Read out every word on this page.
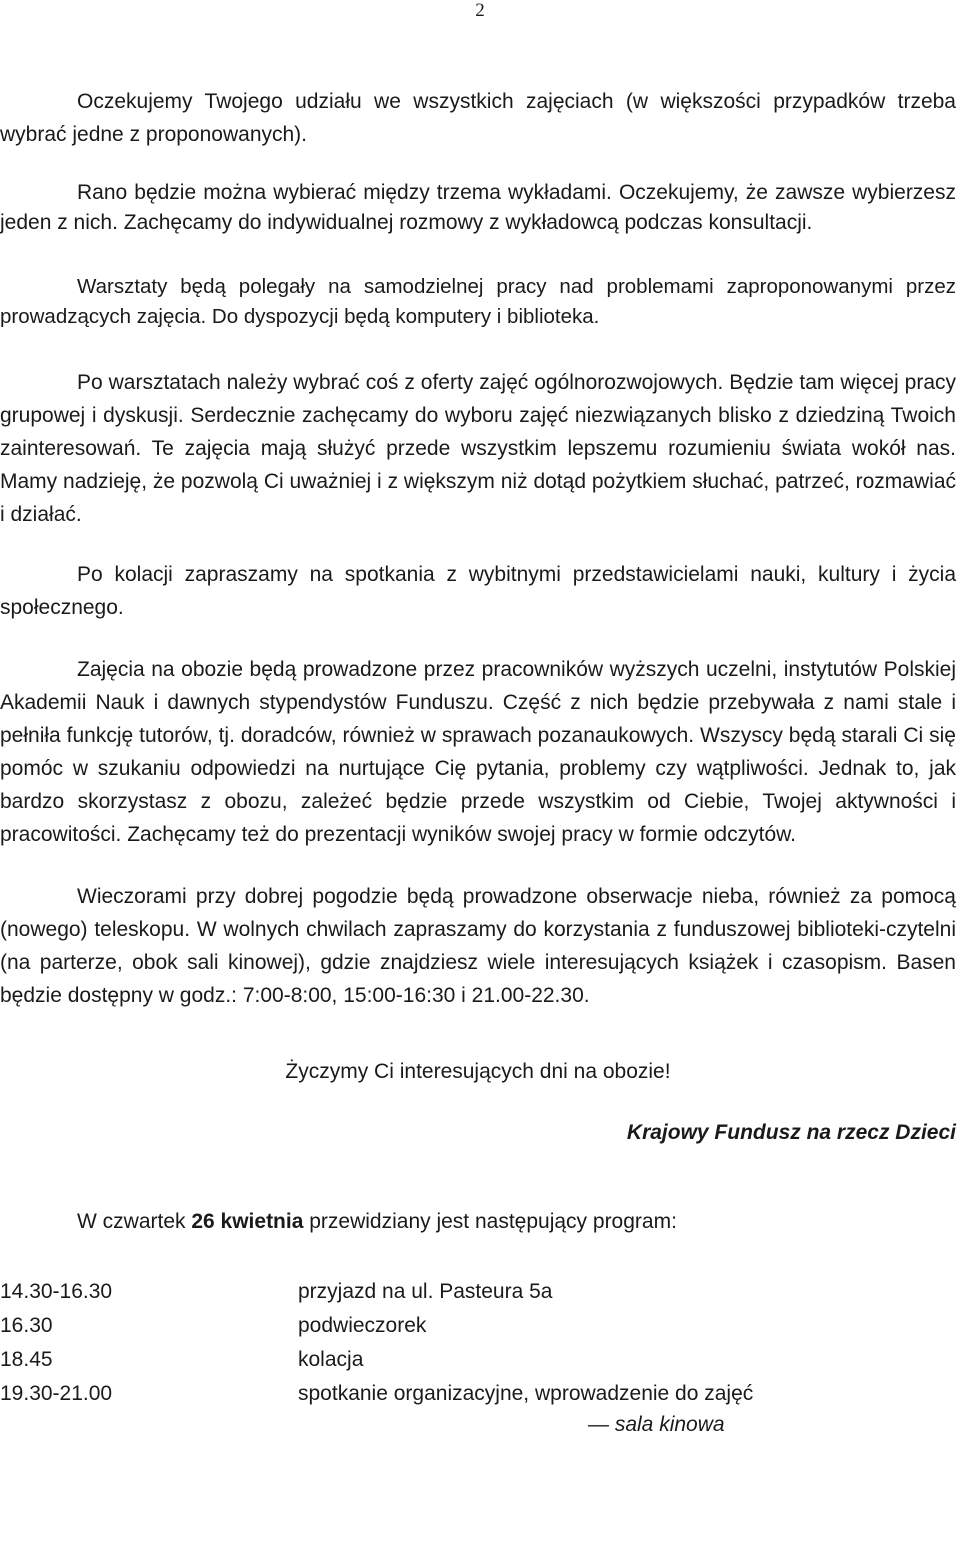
2

Oczekujemy Twojego udziału we wszystkich zajęciach (w większości przypadków trzeba wybrać jedne z proponowanych).

Rano będzie można wybierać między trzema wykładami. Oczekujemy, że zawsze wybierzesz jeden z nich. Zachęcamy do indywidualnej rozmowy z wykładowcą podczas konsultacji.

Warsztaty będą polegały na samodzielnej pracy nad problemami zaproponowanymi przez prowadzących zajęcia. Do dyspozycji będą komputery i biblioteka.

Po warsztatach należy wybrać coś z oferty zajęć ogólnorozwojowych. Będzie tam więcej pracy grupowej i dyskusji. Serdecznie zachęcamy do wyboru zajęć niezwiązanych blisko z dziedziną Twoich zainteresowań. Te zajęcia mają służyć przede wszystkim lepszemu rozumieniu świata wokół nas. Mamy nadzieję, że pozwolą Ci uważniej i z większym niż dotąd pożytkiem słuchać, patrzeć, rozmawiać i działać.

Po kolacji zapraszamy na spotkania z wybitnymi przedstawicielami nauki, kultury i życia społecznego.

Zajęcia na obozie będą prowadzone przez pracowników wyższych uczelni, instytutów Polskiej Akademii Nauk i dawnych stypendystów Funduszu. Część z nich będzie przebywała z nami stale i pełniła funkcję tutorów, tj. doradców, również w sprawach pozanaukowych. Wszyscy będą starali Ci się pomóc w szukaniu odpowiedzi na nurtujące Cię pytania, problemy czy wątpliwości. Jednak to, jak bardzo skorzystasz z obozu, zależeć będzie przede wszystkim od Ciebie, Twojej aktywności i pracowitości. Zachęcamy też do prezentacji wyników swojej pracy w formie odczytów.

Wieczorami przy dobrej pogodzie będą prowadzone obserwacje nieba, również za pomocą (nowego) teleskopu. W wolnych chwilach zapraszamy do korzystania z funduszowej biblioteki-czytelni (na parterze, obok sali kinowej), gdzie znajdziesz wiele interesujących książek i czasopism. Basen będzie dostępny w godz.: 7:00-8:00, 15:00-16:30 i 21.00-22.30.

Życzymy Ci interesujących dni na obozie!

Krajowy Fundusz na rzecz Dzieci

W czwartek 26 kwietnia przewidziany jest następujący program:

14.30-16.30	przyjazd na ul. Pasteura 5a
16.30	podwieczorek
18.45	kolacja
19.30-21.00	spotkanie organizacyjne, wprowadzenie do zajęć
— sala kinowa
